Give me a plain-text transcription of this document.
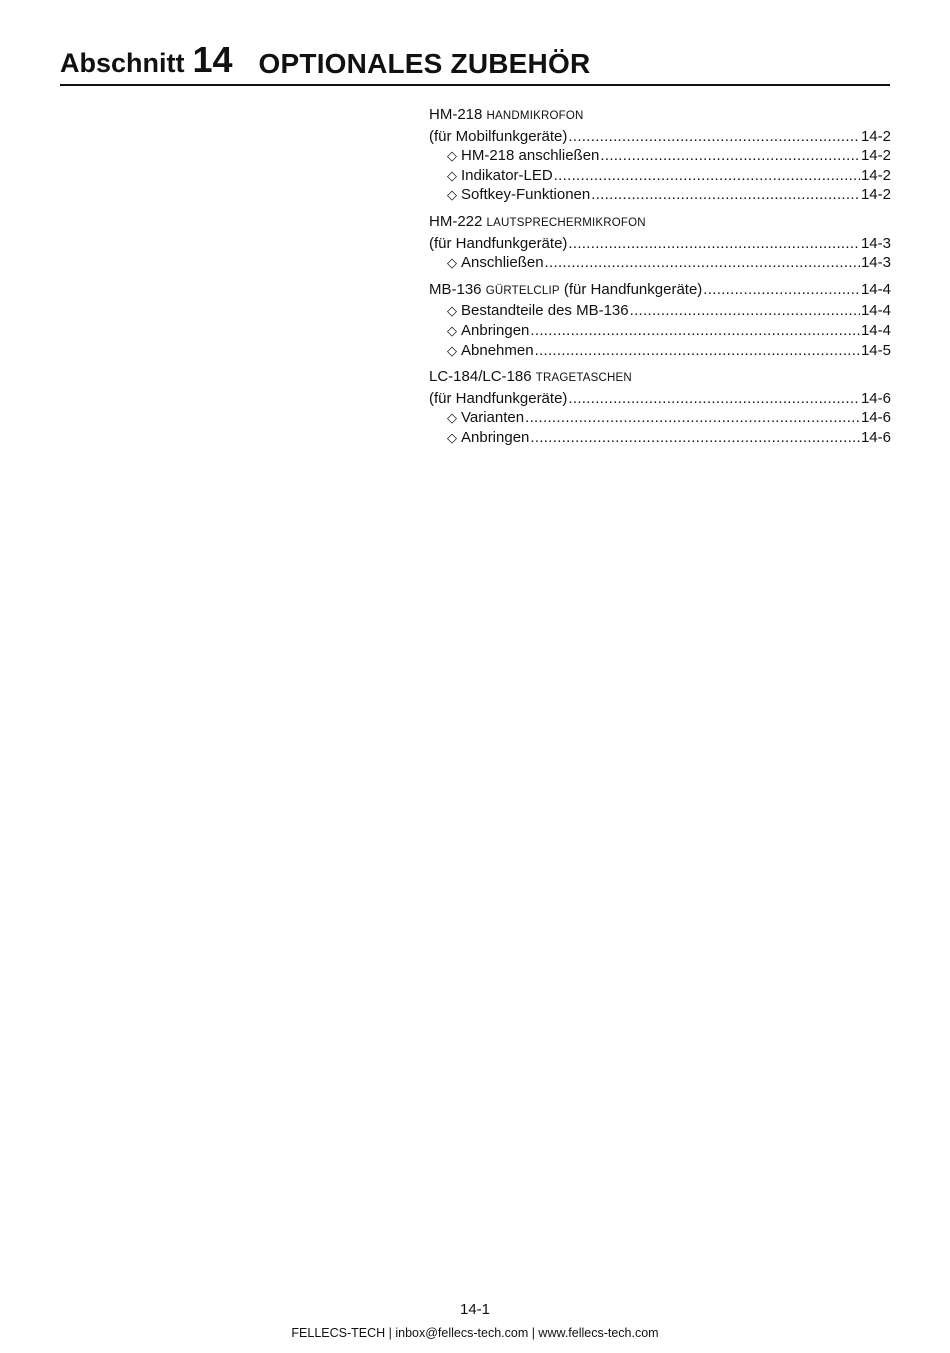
Abschnitt 14 OPTIONALES ZUBEHÖR
HM-218 HANDMIKROFON
(für Mobilfunkgeräte) .....	14-2
◇ HM-218 anschließen .....	14-2
◇ Indikator-LED .....	14-2
◇ Softkey-Funktionen .....	14-2
HM-222 LAUTSPRECHERMIKROFON
(für Handfunkgeräte) .....	14-3
◇ Anschließen .....	14-3
MB-136 GÜRTELCLIP (für Handfunkgeräte) .....	14-4
◇ Bestandteile des MB-136 .....	14-4
◇ Anbringen .....	14-4
◇ Abnehmen .....	14-5
LC-184/LC-186 TRAGETASCHEN
(für Handfunkgeräte) .....	14-6
◇ Varianten .....	14-6
◇ Anbringen .....	14-6
14-1
FELLECS-TECH | inbox@fellecs-tech.com | www.fellecs-tech.com
